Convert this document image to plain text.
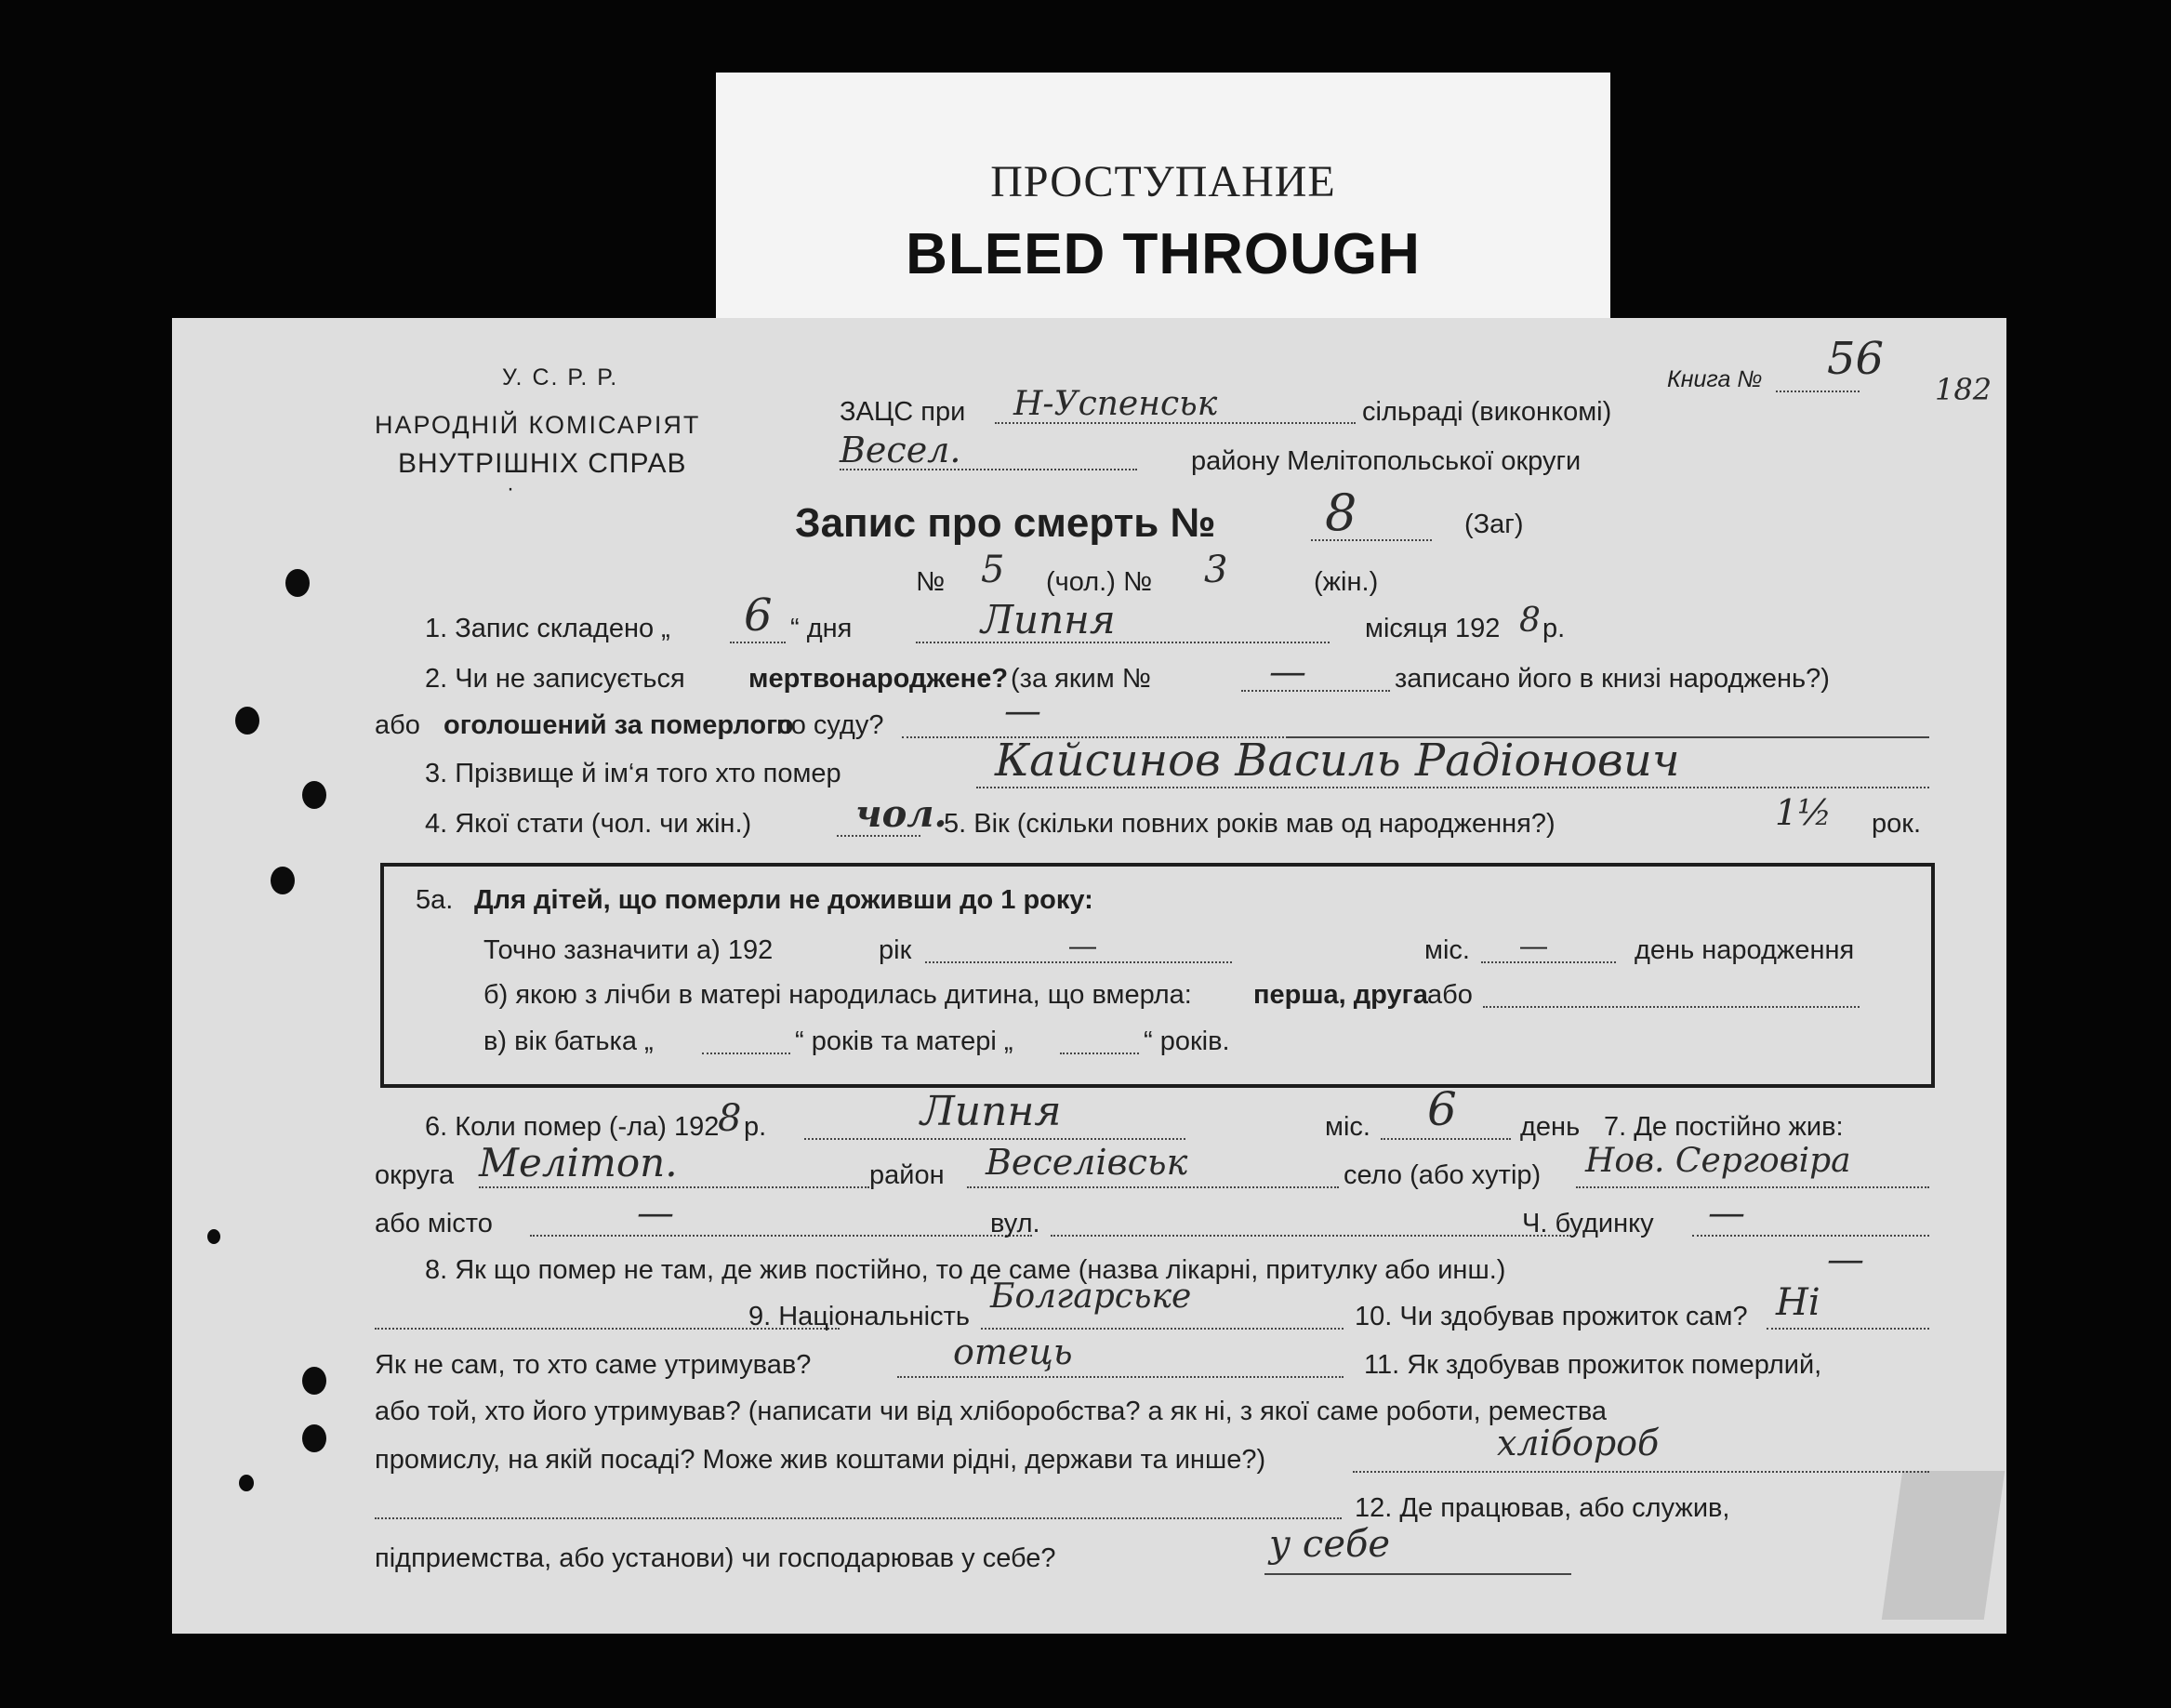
ПРОСТУПАНИЕ
BLEED THROUGH
У. С. Р. Р.
НАРОДНІЙ КОМІСАРІЯТ
ВНУТРІШНІХ СПРАВ
·
Книга № 56
182
ЗАЦС при Н-Успенськ	сільраді (виконкомі)
Весел.	району Мелітопольської округи
Запис про смерть № 8	(Заг)
№ 5 (чол.) № 3	(жін.)
1. Запис складено „ 6 “ дня	Липня	місяця 192 8 р.
2. Чи не записується мертвонароджене? (за яким №	—	записано його в книзі народжень?)
або оголошений за померлого
по суду?	—
3. Прізвище й ім‘я того хто помер	Кайсинов Василь Радіонович
4. Якої стати (чол. чи жін.)	чол.
5. Вік (скільки повних років мав од народження?)	1½ рок.
5а. Для дітей, що померли не доживши до 1 року:
Точно зазначити а) 192	рік	—	міс. —	день народження
б) якою з лічби в матері народилась дитина, що вмерла: перша, друга або
в) вік батька „	“ років та матері „	“ років.
6. Коли помер (-ла) 192
8 р.	Липня	міс. 6 день 7. Де постійно жив:
округа Мелітоп.	район Веселівськ	село (або хутір) Нов. Серговіра
або місто	—	вул.	Ч. будинку —
8. Як що помер не там, де жив постійно, то де саме (назва лікарні, притулку або инш.)	—
9. Національність
Болгарське
10. Чи здобував прожиток сам? Ні
Як не сам, то хто саме утримував?	отець	11. Як здобував прожиток померлий,
або той, хто його утримував? (написати чи від хліборобства? а як ні, з якої саме роботи, ремества
промислу, на якій посаді? Може жив коштами рідні, держави та инше?)	хлібороб
12. Де працював, або служив,
підприемства, або установи) чи господарював у себе?	у себе
